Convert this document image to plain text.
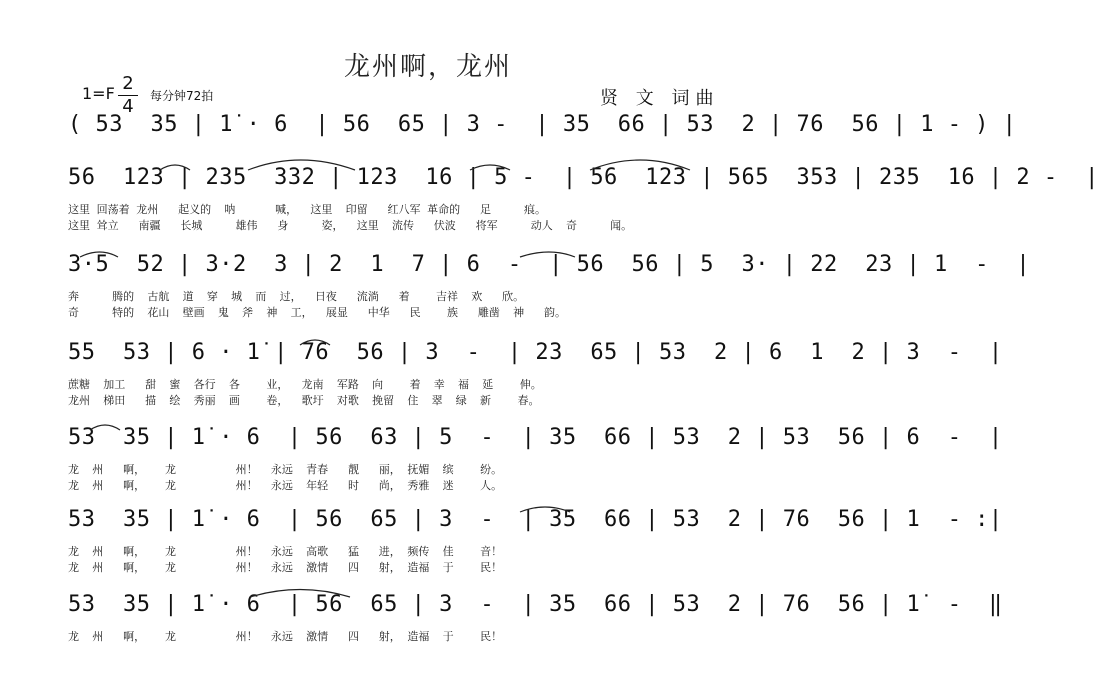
龙州啊，龙州
1=F 2
4	每分钟72拍	贤 文 词曲
( 53  35 | 1̇ · 6  | 56  65 | 3 -  | 35  66 | 53  2 | 76  56 | 1 - ) |
56  123 | 235  332 | 123  16 | 5 -  | 56  123 | 565  353 | 235  16 | 2 -  |
这里 回荡着 龙州   起义的  呐      喊，  这里  印留   红八军 革命的   足     痕。
这里 耸立   南疆   长城     雄伟   身     姿，  这里  流传   伏波   将军     动人  奇     闻。
3·5  52 | 3·2  3 | 2  1  7 | 6  -  | 56  56 | 5  3· | 22  23 | 1  -  |
奔     腾的  古航  道  穿  城  而  过，  日夜   流淌   着    吉祥  欢   欣。
奇     特的  花山  壁画  鬼  斧  神  工，  展显   中华   民    族   雕凿  神   韵。
55  53 | 6 · 1̇ | 76  56 | 3  -  | 23  65 | 53  2 | 6  1  2 | 3  -  |
蔗糖  加工   甜  蜜  各行  各    业，  龙南  军路  向    着  幸  福  延    伸。
龙州  梯田   描  绘  秀丽  画    卷，  歌圩  对歌  挽留  住  翠  绿  新    春。
53  35 | 1̇ · 6  | 56  63 | 5  -  | 35  66 | 53  2 | 53  56 | 6  -  |
龙  州   啊，   龙         州！  永远  青春   靓   丽， 抚媚  缤    纷。
龙  州   啊，   龙         州！  永远  年轻   时   尚， 秀雅  迷    人。
53  35 | 1̇ · 6  | 56  65 | 3  -  | 35  66 | 53  2 | 76  56 | 1  - :|
龙  州   啊，   龙         州！  永远  高歌   猛   进， 频传  佳    音！
龙  州   啊，   龙         州！  永远  激情   四   射， 造福  于    民！
53  35 | 1̇ · 6  | 56  65 | 3  -  | 35  66 | 53  2 | 76  56 | 1̇  -  ‖
龙  州   啊，   龙         州！  永远  激情   四   射， 造福  于    民！
